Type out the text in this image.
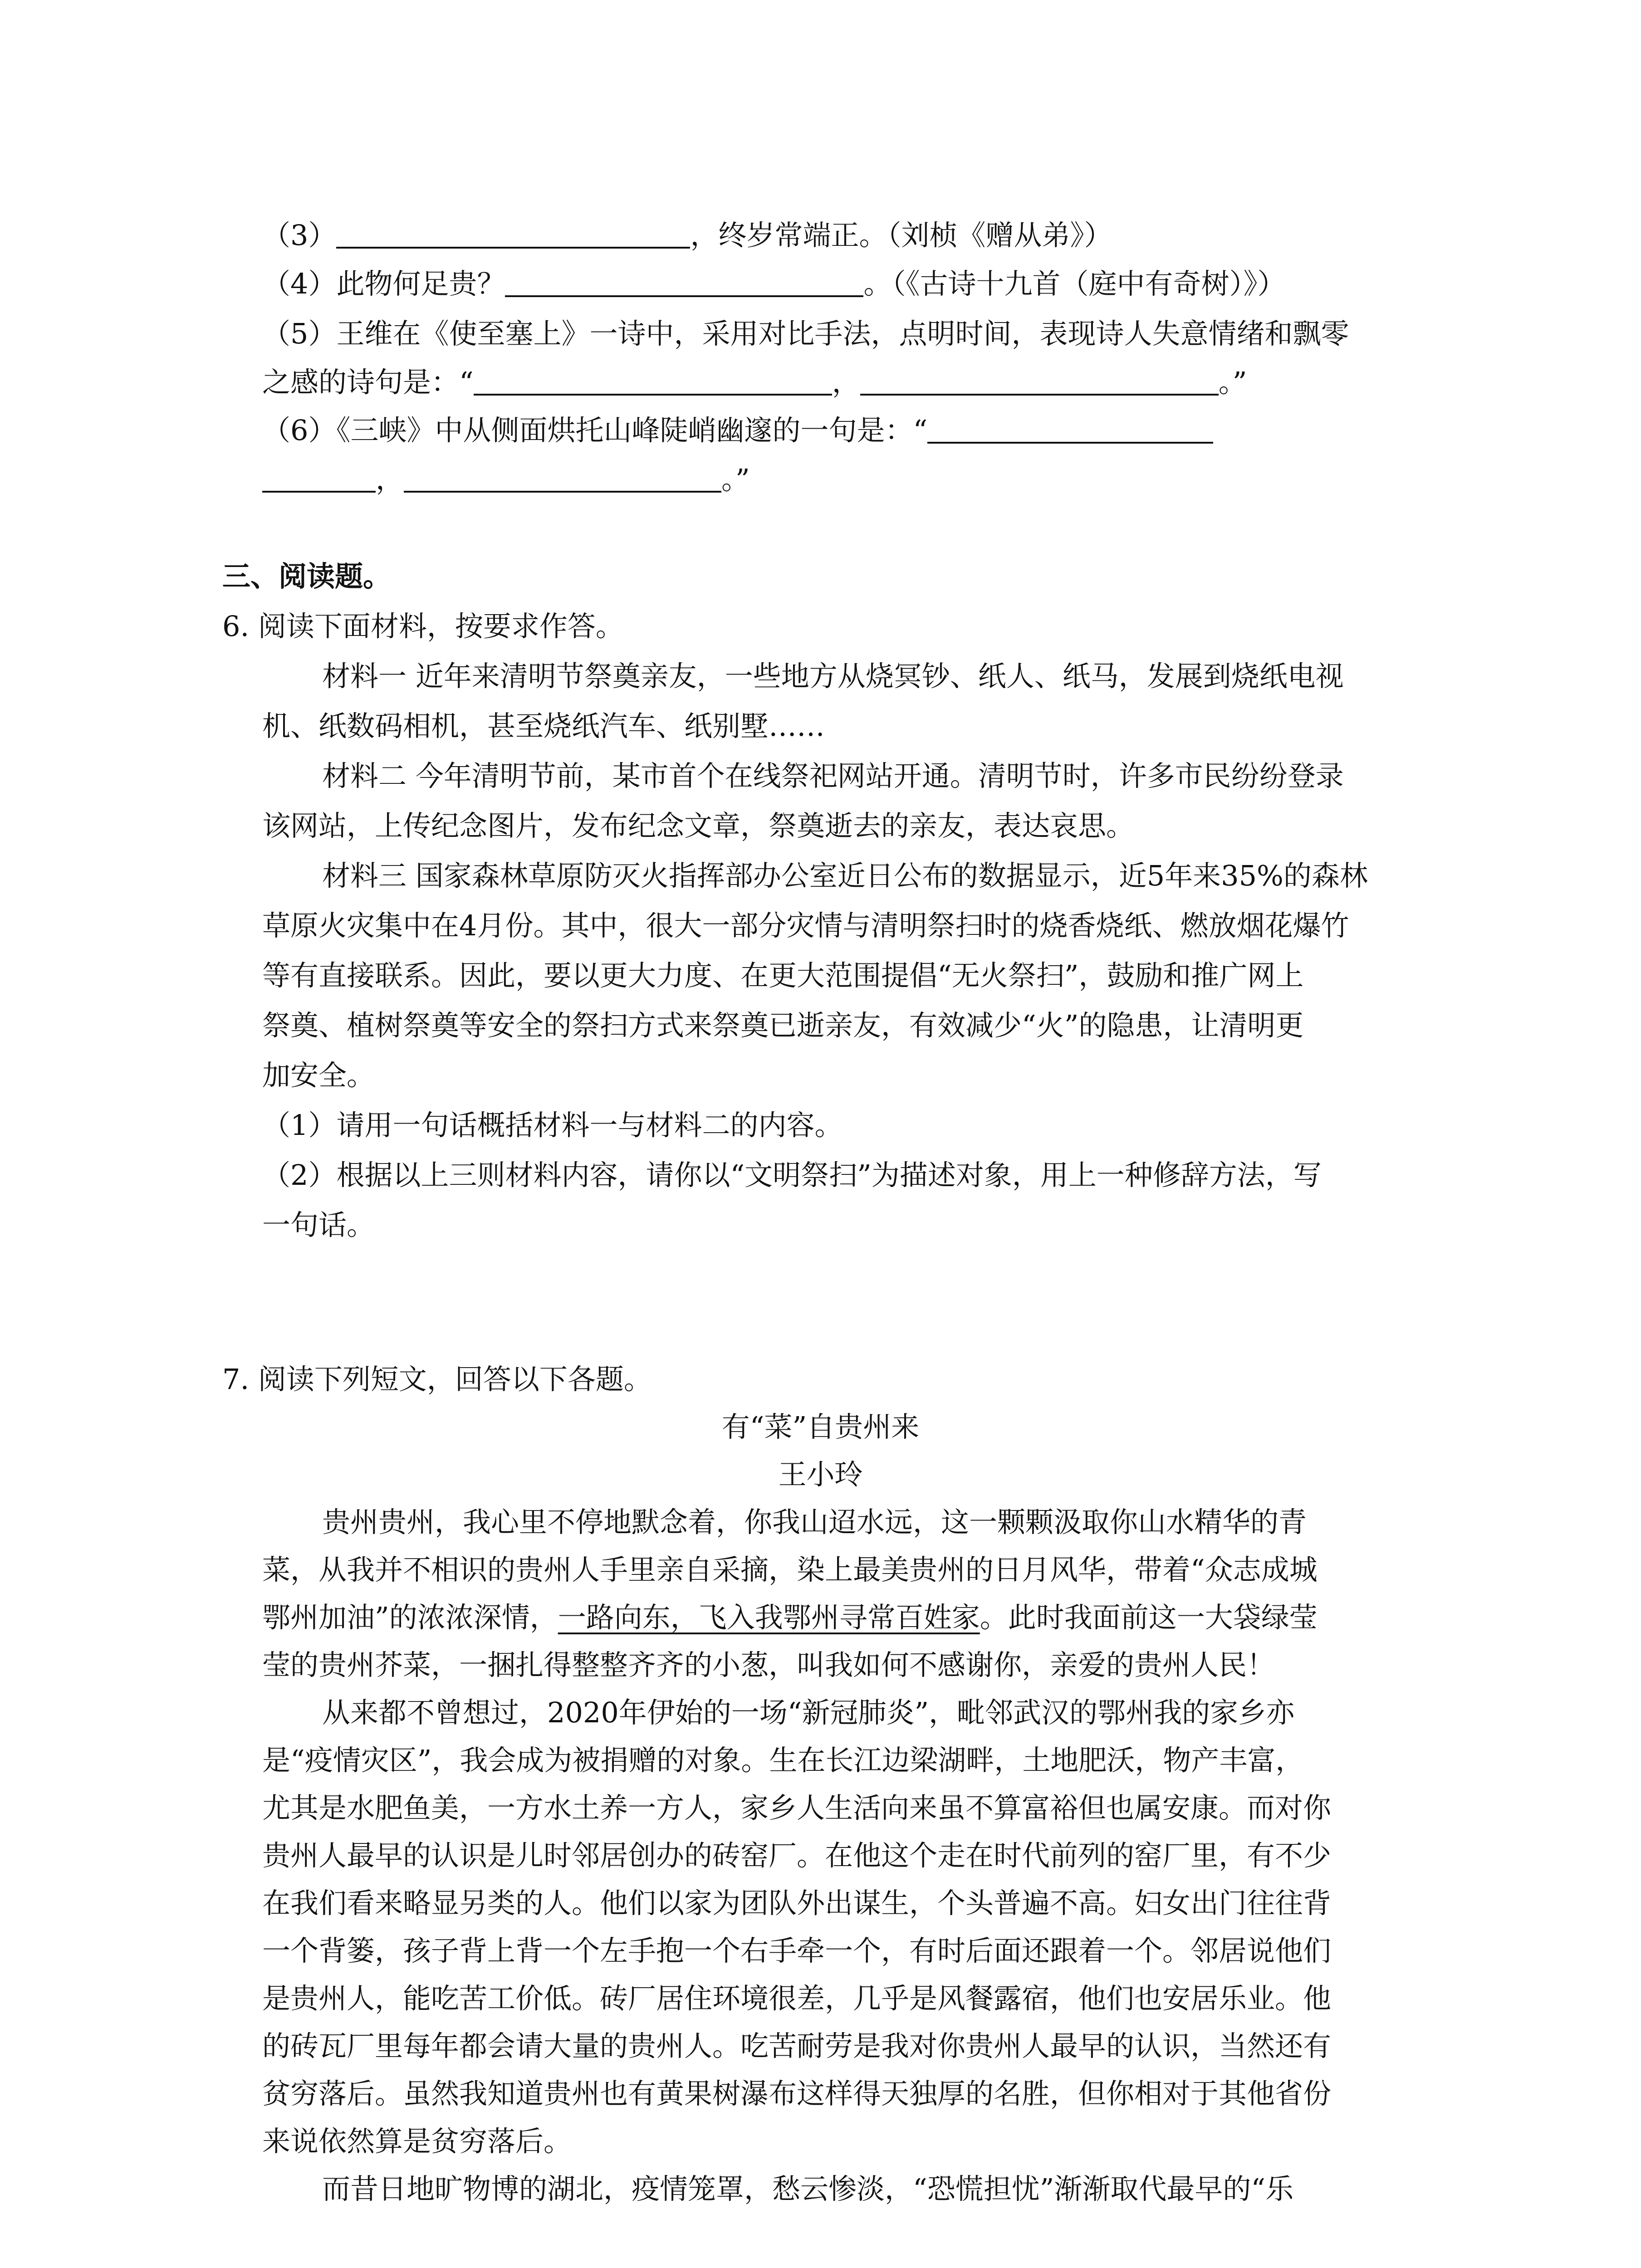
（3）	，终岁常端正。（刘桢《赠从弟》）
（4）此物何足贵？	。（《古诗十九首（庭中有奇树）》）
（5）王维在《使至塞上》一诗中，采用对比手法，点明时间，表现诗人失意情绪和飘零
之感的诗句是：“	，	。”
（6）《三峡》中从侧面烘托山峰陡峭幽邃的一句是：“
，	。”
三、阅读题。
6. 阅读下面材料，按要求作答。
材料一 近年来清明节祭奠亲友，一些地方从烧冥钞、纸人、纸马，发展到烧纸电视
机、纸数码相机，甚至烧纸汽车、纸别墅……
材料二 今年清明节前，某市首个在线祭祀网站开通。清明节时，许多市民纷纷登录
该网站，上传纪念图片，发布纪念文章，祭奠逝去的亲友，表达哀思。
材料三 国家森林草原防灭火指挥部办公室近日公布的数据显示，近5年来35%的森林
草原火灾集中在4月份。其中，很大一部分灾情与清明祭扫时的烧香烧纸、燃放烟花爆竹
等有直接联系。因此，要以更大力度、在更大范围提倡“无火祭扫”，鼓励和推广网上
祭奠、植树祭奠等安全的祭扫方式来祭奠已逝亲友，有效减少“火”的隐患，让清明更
加安全。
（1）请用一句话概括材料一与材料二的内容。
（2）根据以上三则材料内容，请你以“文明祭扫”为描述对象，用上一种修辞方法，写
一句话。
7. 阅读下列短文，回答以下各题。
有“菜”自贵州来
王小玲
贵州贵州，我心里不停地默念着，你我山迢水远，这一颗颗汲取你山水精华的青
菜，从我并不相识的贵州人手里亲自采摘，染上最美贵州的日月风华，带着“众志成城
鄂州加油”的浓浓深情，一路向东，飞入我鄂州寻常百姓家。此时我面前这一大袋绿莹
莹的贵州芥菜，一捆扎得整整齐齐的小葱，叫我如何不感谢你，亲爱的贵州人民！
从来都不曾想过，2020年伊始的一场“新冠肺炎”，毗邻武汉的鄂州我的家乡亦
是“疫情灾区”，我会成为被捐赠的对象。生在长江边梁湖畔，土地肥沃，物产丰富，
尤其是水肥鱼美，一方水土养一方人，家乡人生活向来虽不算富裕但也属安康。而对你
贵州人最早的认识是儿时邻居创办的砖窑厂。在他这个走在时代前列的窑厂里，有不少
在我们看来略显另类的人。他们以家为团队外出谋生，个头普遍不高。妇女出门往往背
一个背篓，孩子背上背一个左手抱一个右手牵一个，有时后面还跟着一个。邻居说他们
是贵州人，能吃苦工价低。砖厂居住环境很差，几乎是风餐露宿，他们也安居乐业。他
的砖瓦厂里每年都会请大量的贵州人。吃苦耐劳是我对你贵州人最早的认识，当然还有
贫穷落后。虽然我知道贵州也有黄果树瀑布这样得天独厚的名胜，但你相对于其他省份
来说依然算是贫穷落后。
而昔日地旷物博的湖北，疫情笼罩，愁云惨淡，“恐慌担忧”渐渐取代最早的“乐
